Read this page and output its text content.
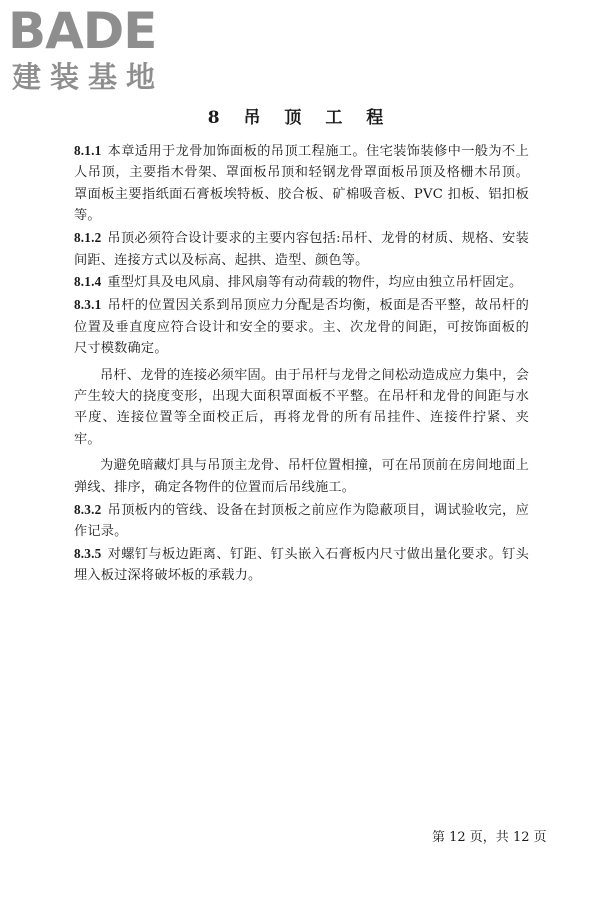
BADE
建装基地
8 吊 顶 工 程

8.1.1 本章适用于龙骨加饰面板的吊顶工程施工。住宅装饰装修中一般为不上人吊顶，主要指木骨架、罩面板吊顶和轻钢龙骨罩面板吊顶及格栅木吊顶。罩面板主要指纸面石膏板埃特板、胶合板、矿棉吸音板、PVC 扣板、铝扣板等。

8.1.2 吊顶必须符合设计要求的主要内容包括:吊杆、龙骨的材质、规格、安装间距、连接方式以及标高、起拱、造型、颜色等。

8.1.4 重型灯具及电风扇、排风扇等有动荷载的物件，均应由独立吊杆固定。

8.3.1 吊杆的位置因关系到吊顶应力分配是否均衡，板面是否平整，故吊杆的位置及垂直度应符合设计和安全的要求。主、次龙骨的间距，可按饰面板的尺寸模数确定。

吊杆、龙骨的连接必须牢固。由于吊杆与龙骨之间松动造成应力集中，会产生较大的挠度变形，出现大面积罩面板不平整。在吊杆和龙骨的间距与水平度、连接位置等全面校正后，再将龙骨的所有吊挂件、连接件拧紧、夹牢。

为避免暗藏灯具与吊顶主龙骨、吊杆位置相撞，可在吊顶前在房间地面上弹线、排序，确定各物件的位置而后吊线施工。

8.3.2 吊顶板内的管线、设备在封顶板之前应作为隐蔽项目，调试验收完，应作记录。

8.3.5 对螺钉与板边距离、钉距、钉头嵌入石膏板内尺寸做出量化要求。钉头埋入板过深将破坏板的承载力。

第 12 页，共 12 页
